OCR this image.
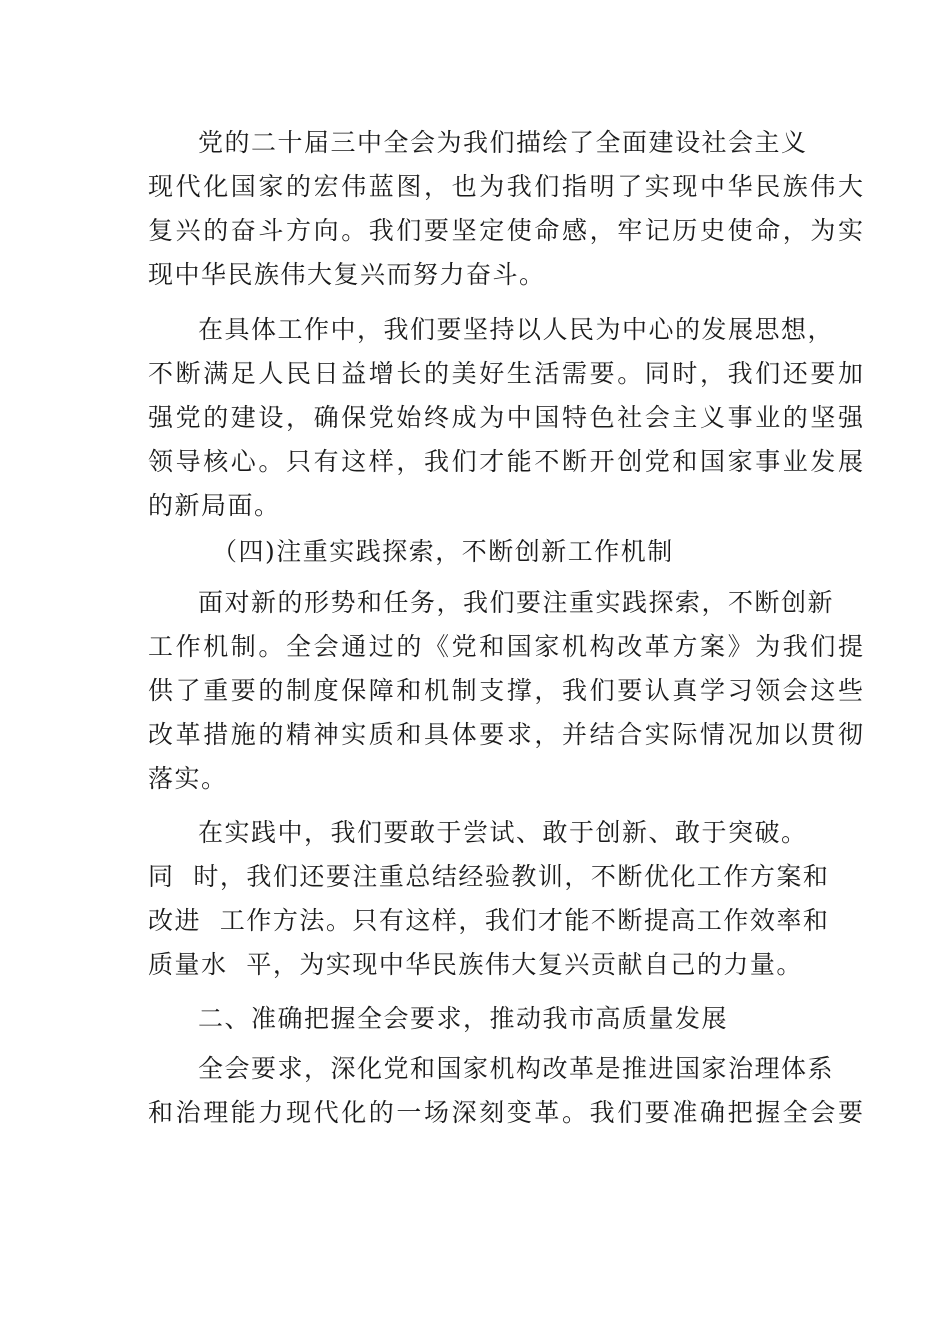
党的二十届三中全会为我们描绘了全面建设社会主义
现代化国家的宏伟蓝图，也为我们指明了实现中华民族伟大
复兴的奋斗方向。我们要坚定使命感，牢记历史使命，为实
现中华民族伟大复兴而努力奋斗。
在具体工作中，我们要坚持以人民为中心的发展思想，
不断满足人民日益增长的美好生活需要。同时，我们还要加
强党的建设，确保党始终成为中国特色社会主义事业的坚强
领导核心。只有这样，我们才能不断开创党和国家事业发展
的新局面。
（四)注重实践探索，不断创新工作机制
面对新的形势和任务，我们要注重实践探索，不断创新
工作机制。全会通过的《党和国家机构改革方案》为我们提
供了重要的制度保障和机制支撑，我们要认真学习领会这些
改革措施的精神实质和具体要求，并结合实际情况加以贯彻
落实。
在实践中，我们要敢于尝试、敢于创新、敢于突破。
同  时，我们还要注重总结经验教训，不断优化工作方案和
改进  工作方法。只有这样，我们才能不断提高工作效率和
质量水  平，为实现中华民族伟大复兴贡献自己的力量。
二、准确把握全会要求，推动我市高质量发展
全会要求，深化党和国家机构改革是推进国家治理体系
和治理能力现代化的一场深刻变革。我们要准确把握全会要
